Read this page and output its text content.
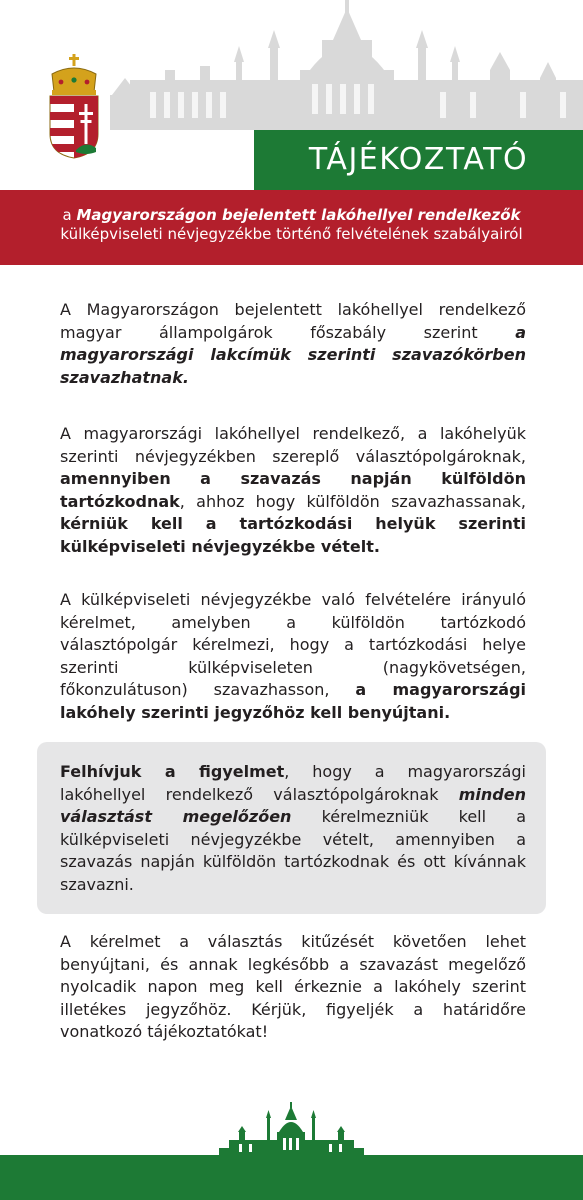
TÁJÉKOZTATÓ
a Magyarországon bejelentett lakóhellyel rendelkezők
külképviseleti névjegyzékbe történő felvételének szabályairól

A Magyarországon bejelentett lakóhellyel rendelkező magyar állampolgárok főszabály szerint a magyarországi lakcímük szerinti szavazókörben szavazhatnak.

A magyarországi lakóhellyel rendelkező, a lakóhelyük szerinti névjegyzékben szereplő választópolgároknak, amennyiben a szavazás napján külföldön tartózkodnak, ahhoz hogy külföldön szavazhassanak, kérniük kell a tartózkodási helyük szerinti külképviseleti névjegyzékbe vételt.

A külképviseleti névjegyzékbe való felvételére irányuló kérelmet, amelyben a külföldön tartózkodó választópolgár kérelmezi, hogy a tartózkodási helye szerinti külképviseleten (nagykövetségen, főkonzulátuson) szavazhasson, a magyarországi lakóhely szerinti jegyzőhöz kell benyújtani.

Felhívjuk a figyelmet, hogy a magyarországi lakóhellyel rendelkező választópolgároknak minden választást megelőzően kérelmezniük kell a külképviseleti névjegyzékbe vételt, amennyiben a szavazás napján külföldön tartózkodnak és ott kívánnak szavazni.

A kérelmet a választás kitűzését követően lehet benyújtani, és annak legkésőbb a szavazást megelőző nyolcadik napon meg kell érkeznie a lakóhely szerint illetékes jegyzőhöz. Kérjük, figyeljék a határidőre vonatkozó tájékoztatókat!
